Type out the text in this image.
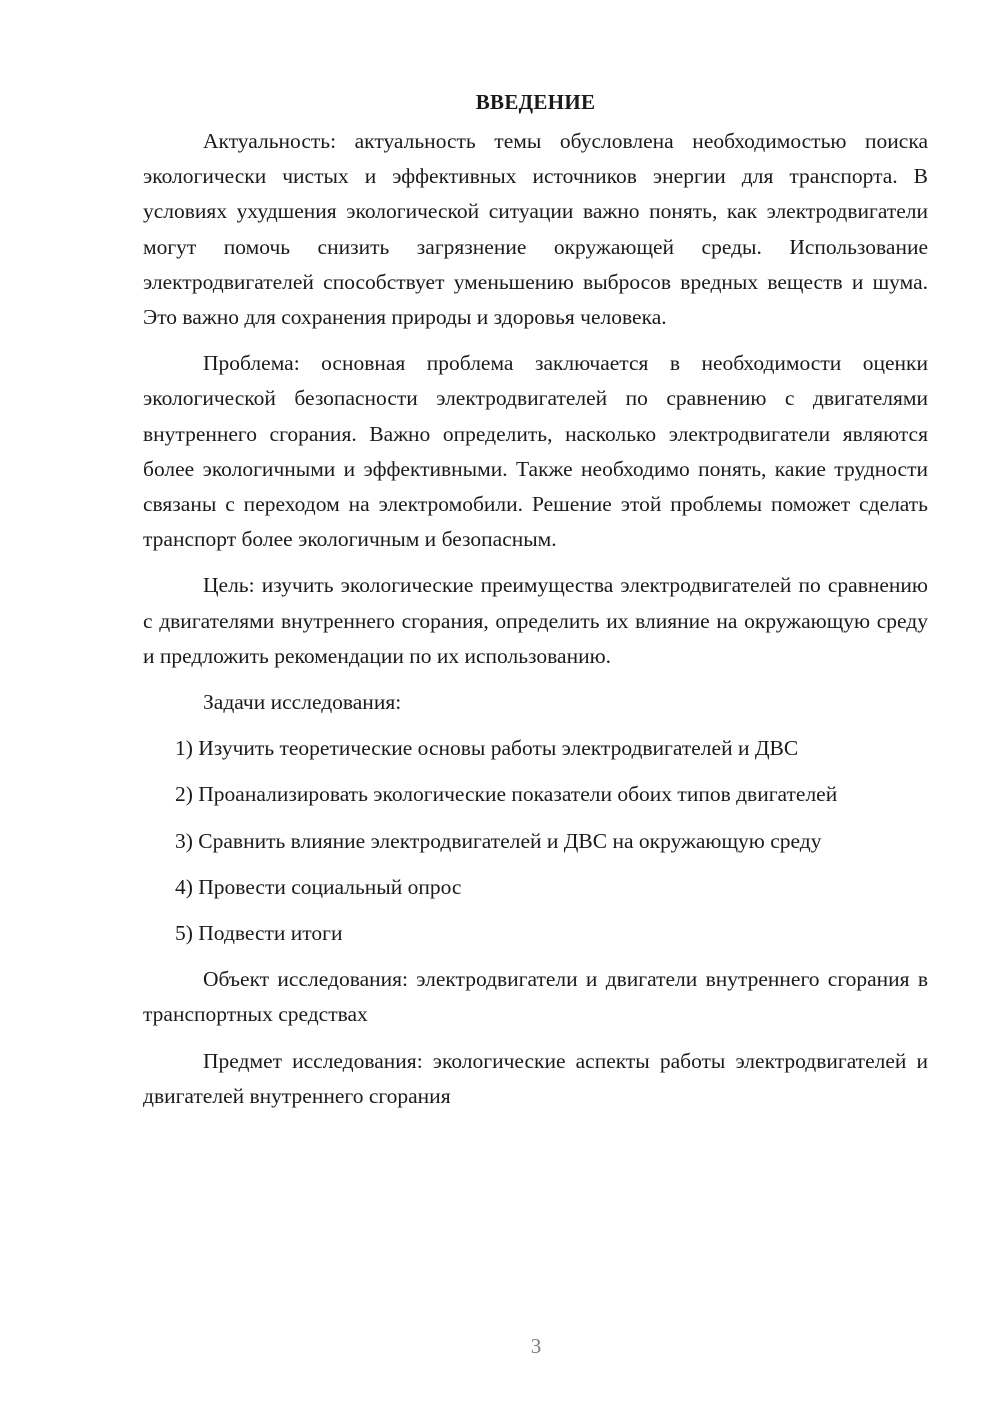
ВВЕДЕНИЕ

Актуальность: актуальность темы обусловлена необходимостью поиска экологически чистых и эффективных источников энергии для транспорта. В условиях ухудшения экологической ситуации важно понять, как электродвигатели могут помочь снизить загрязнение окружающей среды. Использование электродвигателей способствует уменьшению выбросов вредных веществ и шума. Это важно для сохранения природы и здоровья человека.

Проблема: основная проблема заключается в необходимости оценки экологической безопасности электродвигателей по сравнению с двигателями внутреннего сгорания. Важно определить, насколько электродвигатели являются более экологичными и эффективными. Также необходимо понять, какие трудности связаны с переходом на электромобили. Решение этой проблемы поможет сделать транспорт более экологичным и безопасным.

Цель: изучить экологические преимущества электродвигателей по сравнению с двигателями внутреннего сгорания, определить их влияние на окружающую среду и предложить рекомендации по их использованию.

Задачи исследования:

1) Изучить теоретические основы работы электродвигателей и ДВС

2) Проанализировать экологические показатели обоих типов двигателей

3) Сравнить влияние электродвигателей и ДВС на окружающую среду

4) Провести социальный опрос

5) Подвести итоги

Объект исследования: электродвигатели и двигатели внутреннего сгорания в транспортных средствах

Предмет исследования: экологические аспекты работы электродвигателей и двигателей внутреннего сгорания

3
